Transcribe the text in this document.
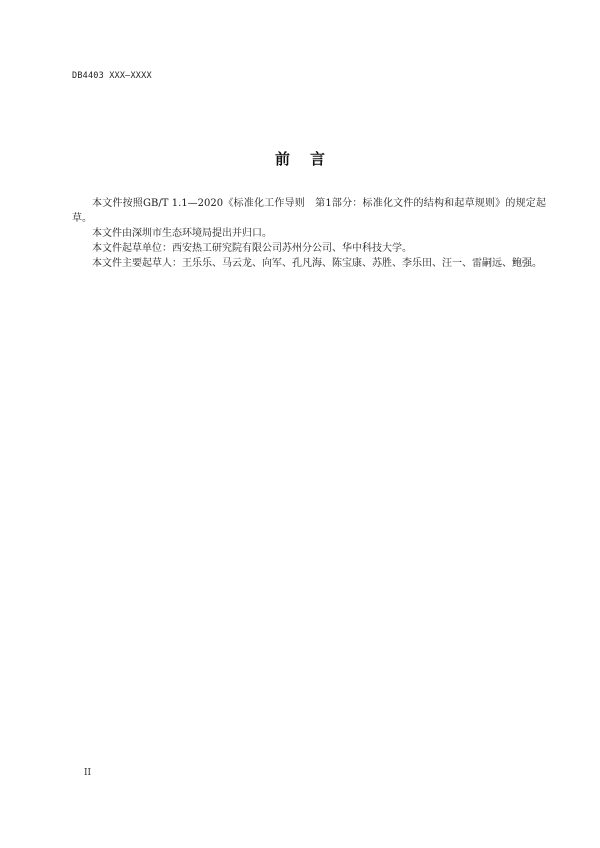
DB4403 XXX—XXXX
前言

本文件按照GB/T 1.1—2020《标准化工作导则　第1部分：标准化文件的结构和起草规则》的规定起草。

本文件由深圳市生态环境局提出并归口。

本文件起草单位：西安热工研究院有限公司苏州分公司、华中科技大学。

本文件主要起草人：王乐乐、马云龙、向军、孔凡海、陈宝康、苏胜、李乐田、汪一、雷嗣远、鲍强。

II
